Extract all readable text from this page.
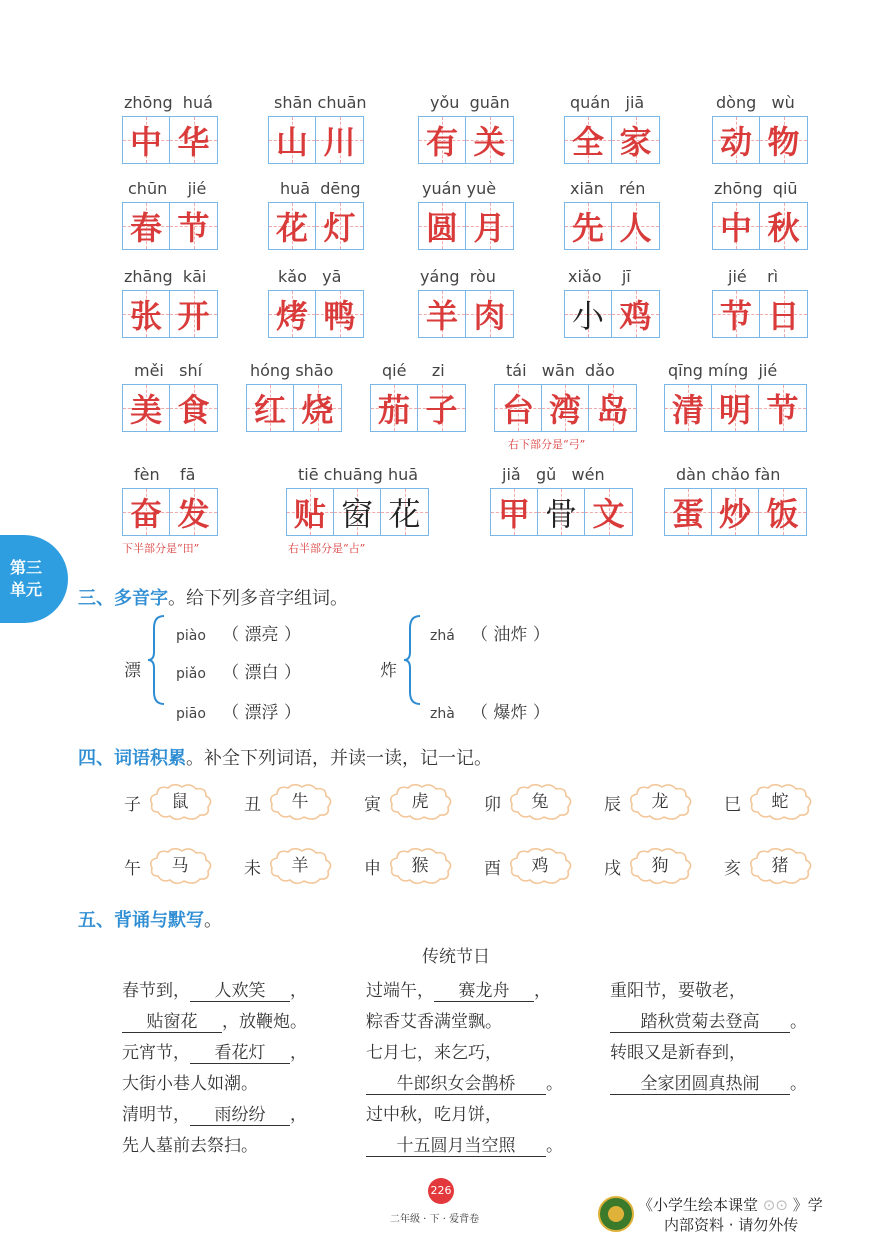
zhōng huá
中 华
shān chuān
山 川
yǒu guān
有 关
quán jiā
全 家
dòng wù
动 物
chūn jié
春 节
huā dēng
花 灯
yuán yuè
圆 月
xiān rén
先 人
zhōng qiū
中 秋
zhāng kāi
张 开
kǎo yā
烤 鸭
yáng ròu
羊 肉
xiǎo jī
小 鸡
jié rì
节 日
měi shí
美 食
hóng shāo
红 烧
qié zi
茄 子
tái wān dǎo
台 湾 岛
右下部分是“弓”
qīng míng jié
清 明 节
fèn fā
奋 发
下半部分是“田”
tiē chuāng huā
贴 窗 花
右半部分是“占”
jiǎ gǔ wén
甲 骨 文
dàn chǎo fàn
蛋 炒 饭
第三
单元	三、多音字。给下列多音字组词。
漂
piào （ 漂亮 ）
piǎo （ 漂白 ）
piāo （ 漂浮 ）
炸
zhá （ 油炸 ）
zhà （ 爆炸 ）
四、词语积累。补全下列词语，并读一读，记一记。
子	鼠	丑	牛	寅	虎	卯	兔	辰	龙	巳	蛇
午	马	未	羊	申	猴	酉	鸡	戌	狗	亥	猪
五、背诵与默写。
传统节日
春节到， 人欢笑 ，
贴窗花 ，放鞭炮。
元宵节， 看花灯 ，
大街小巷人如潮。
清明节， 雨纷纷 ，
先人墓前去祭扫。
过端午， 赛龙舟 ，
粽香艾香满堂飘。
七月七，来乞巧，
牛郎织女会鹊桥 。
过中秋，吃月饼，
十五圆月当空照 。
重阳节，要敬老，
踏秋赏菊去登高 。
转眼又是新春到，
全家团圆真热闹 。
226
二年级 · 下 · 爱背卷
《小学生绘本课堂 ⊙⊙ 》学
内部资料 · 请勿外传
